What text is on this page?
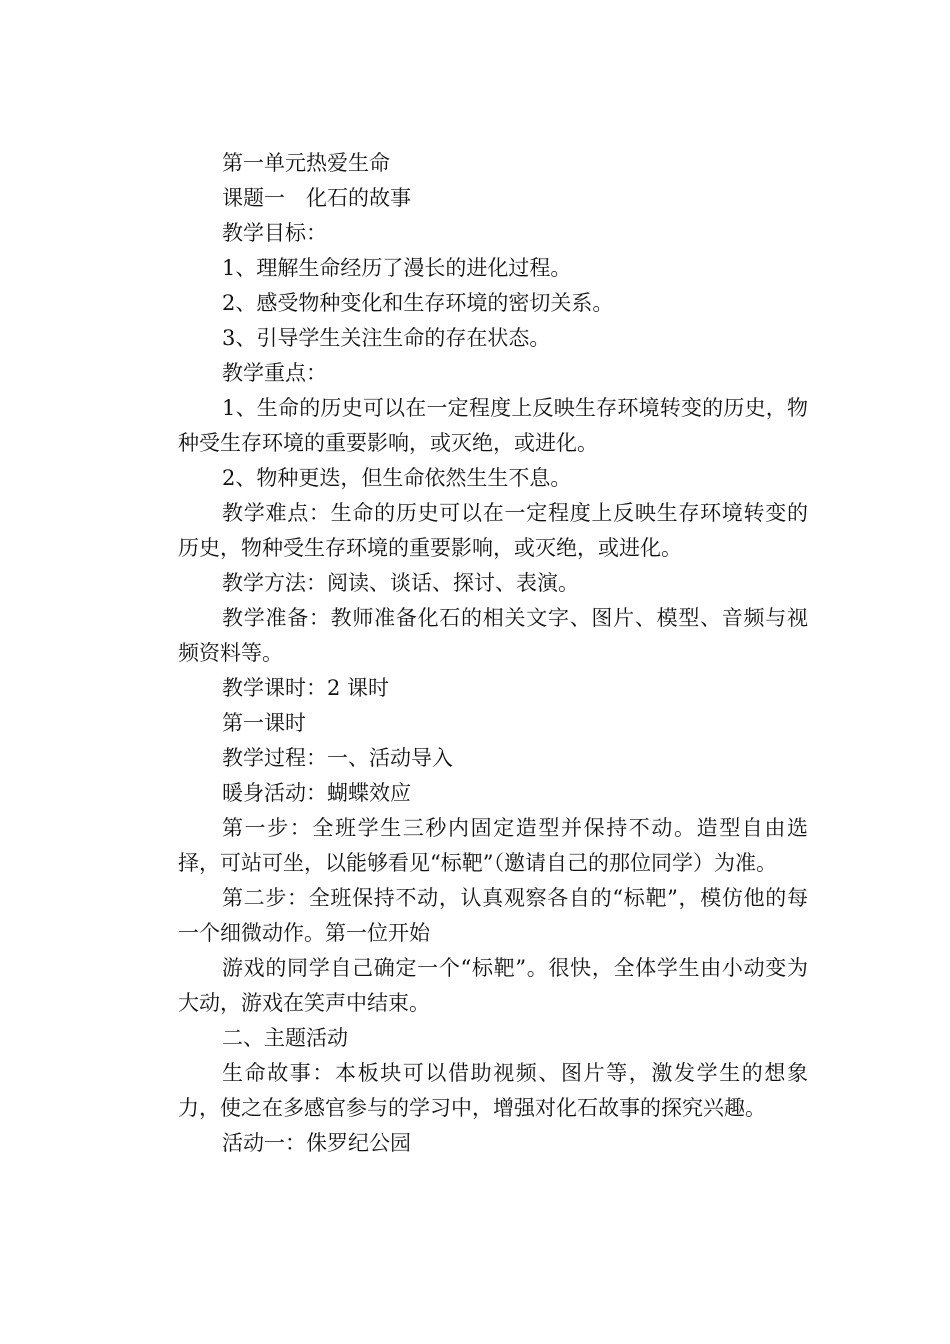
第一单元热爱生命

课题一　化石的故事

教学目标：

1、理解生命经历了漫长的进化过程。

2、感受物种变化和生存环境的密切关系。

3、引导学生关注生命的存在状态。

教学重点：

1、生命的历史可以在一定程度上反映生存环境转变的历史，物种受生存环境的重要影响，或灭绝，或进化。

2、物种更迭，但生命依然生生不息。

教学难点：生命的历史可以在一定程度上反映生存环境转变的历史，物种受生存环境的重要影响，或灭绝，或进化。

教学方法：阅读、谈话、探讨、表演。

教学准备：教师准备化石的相关文字、图片、模型、音频与视频资料等。

教学课时：2 课时

第一课时

教学过程：一、活动导入

暖身活动：蝴蝶效应

第一步：全班学生三秒内固定造型并保持不动。造型自由选择，可站可坐，以能够看见“标靶”（邀请自己的那位同学）为准。

第二步：全班保持不动，认真观察各自的“标靶”，模仿他的每一个细微动作。第一位开始

游戏的同学自己确定一个“标靶”。很快，全体学生由小动变为大动，游戏在笑声中结束。

二、主题活动

生命故事：本板块可以借助视频、图片等，激发学生的想象力，使之在多感官参与的学习中，增强对化石故事的探究兴趣。

活动一：侏罗纪公园
